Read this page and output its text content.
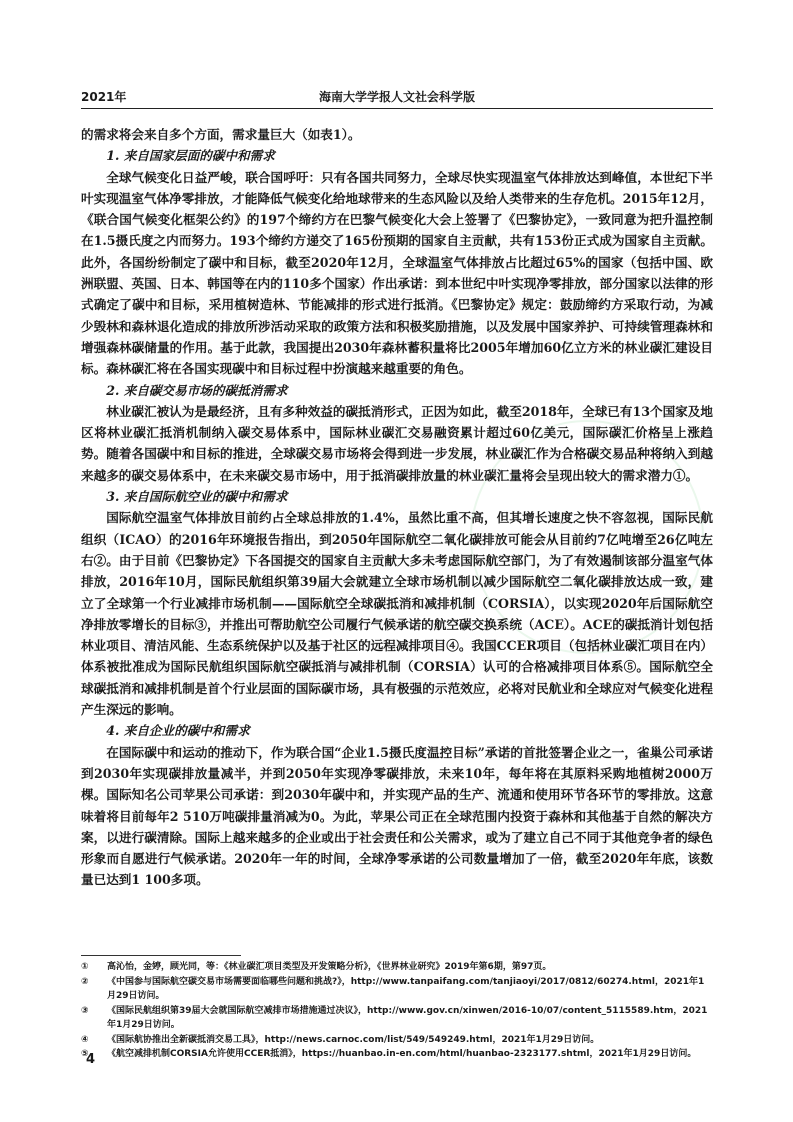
2021年	海南大学学报人文社会科学版

的需求将会来自多个方面，需求量巨大（如表1）。

1. 来自国家层面的碳中和需求

全球气候变化日益严峻，联合国呼吁：只有各国共同努力，全球尽快实现温室气体排放达到峰值，本世纪下半叶实现温室气体净零排放，才能降低气候变化给地球带来的生态风险以及给人类带来的生存危机。2015年12月，《联合国气候变化框架公约》的197个缔约方在巴黎气候变化大会上签署了《巴黎协定》，一致同意为把升温控制在1.5摄氏度之内而努力。193个缔约方递交了165份预期的国家自主贡献，共有153份正式成为国家自主贡献。此外，各国纷纷制定了碳中和目标，截至2020年12月，全球温室气体排放占比超过65%的国家（包括中国、欧洲联盟、英国、日本、韩国等在内的110多个国家）作出承诺：到本世纪中叶实现净零排放，部分国家以法律的形式确定了碳中和目标，采用植树造林、节能减排的形式进行抵消。《巴黎协定》规定：鼓励缔约方采取行动，为减少毁林和森林退化造成的排放所涉活动采取的政策方法和积极奖励措施，以及发展中国家养护、可持续管理森林和增强森林碳储量的作用。基于此款，我国提出2030年森林蓄积量将比2005年增加60亿立方米的林业碳汇建设目标。森林碳汇将在各国实现碳中和目标过程中扮演越来越重要的角色。

2. 来自碳交易市场的碳抵消需求

林业碳汇被认为是最经济，且有多种效益的碳抵消形式，正因为如此，截至2018年，全球已有13个国家及地区将林业碳汇抵消机制纳入碳交易体系中，国际林业碳汇交易融资累计超过60亿美元，国际碳汇价格呈上涨趋势。随着各国碳中和目标的推进，全球碳交易市场将会得到进一步发展，林业碳汇作为合格碳交易品种将纳入到越来越多的碳交易体系中，在未来碳交易市场中，用于抵消碳排放量的林业碳汇量将会呈现出较大的需求潜力①。

3. 来自国际航空业的碳中和需求

国际航空温室气体排放目前约占全球总排放的1.4%，虽然比重不高，但其增长速度之快不容忽视，国际民航组织（ICAO）的2016年环境报告指出，到2050年国际航空二氧化碳排放可能会从目前约7亿吨增至26亿吨左右②。由于目前《巴黎协定》下各国提交的国家自主贡献大多未考虑国际航空部门，为了有效遏制该部分温室气体排放，2016年10月，国际民航组织第39届大会就建立全球市场机制以减少国际航空二氧化碳排放达成一致，建立了全球第一个行业减排市场机制——国际航空全球碳抵消和减排机制（CORSIA），以实现2020年后国际航空净排放零增长的目标③，并推出可帮助航空公司履行气候承诺的航空碳交换系统（ACE）。ACE的碳抵消计划包括林业项目、清洁风能、生态系统保护以及基于社区的远程减排项目④。我国CCER项目（包括林业碳汇项目在内）体系被批准成为国际民航组织国际航空碳抵消与减排机制（CORSIA）认可的合格减排项目体系⑤。国际航空全球碳抵消和减排机制是首个行业层面的国际碳市场，具有极强的示范效应，必将对民航业和全球应对气候变化进程产生深远的影响。

4. 来自企业的碳中和需求

在国际碳中和运动的推动下，作为联合国“企业1.5摄氏度温控目标”承诺的首批签署企业之一，雀巢公司承诺到2030年实现碳排放量减半，并到2050年实现净零碳排放，未来10年，每年将在其原料采购地植树2000万棵。国际知名公司苹果公司承诺：到2030年碳中和，并实现产品的生产、流通和使用环节各环节的零排放。这意味着将目前每年2 510万吨碳排量消减为0。为此，苹果公司正在全球范围内投资于森林和其他基于自然的解决方案，以进行碳清除。国际上越来越多的企业或出于社会责任和公关需求，或为了建立自己不同于其他竞争者的绿色形象而自愿进行气候承诺。2020年一年的时间，全球净零承诺的公司数量增加了一倍，截至2020年年底，该数量已达到1 100多项。

①	高沁怡，金婷，顾光同，等：《林业碳汇项目类型及开发策略分析》，《世界林业研究》2019年第6期，第97页。
②	《中国参与国际航空碳交易市场需要面临哪些问题和挑战?》，http://www.tanpaifang.com/tanjiaoyi/2017/0812/60274.html，2021年1月29日访问。
③	《国际民航组织第39届大会就国际航空减排市场措施通过决议》，http://www.gov.cn/xinwen/2016-10/07/content_5115589.htm，2021年1月29日访问。
④	《国际航协推出全新碳抵消交易工具》，http://news.carnoc.com/list/549/549249.html，2021年1月29日访问。
⑤	《航空减排机制CORSIA允许使用CCER抵消》，https://huanbao.in-en.com/html/huanbao-2323177.shtml，2021年1月29日访问。
4
